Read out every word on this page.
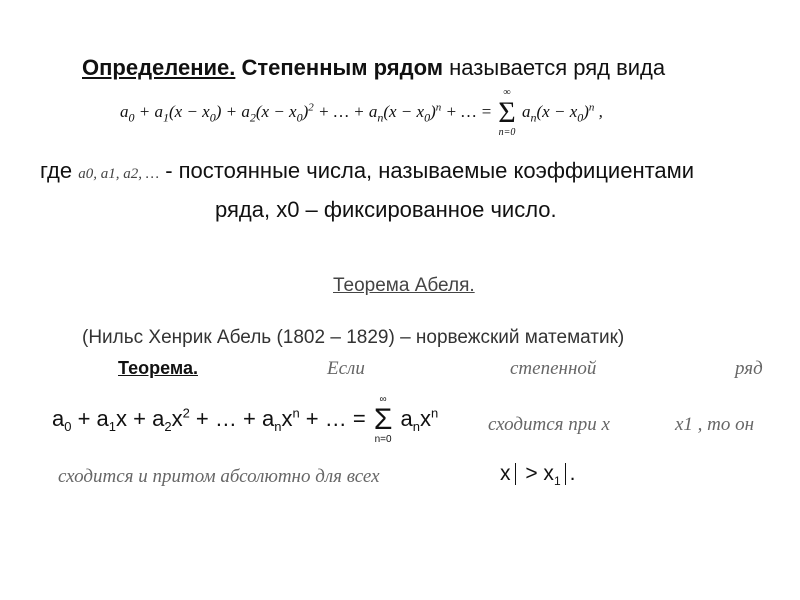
Определение. Степенным рядом называется ряд вида
$a_0 + a_1(x - x_0) + a_2(x - x_0)^2$ + … + $a_n(x - x_0)^n$ + … =
∞
Σ
n=0
$a_n(x - x_0)^n$ ,
где a0, a1, a2, … - постоянные числа, называемые коэффициентами
ряда, x0 – фиксированное число.
Теорема Абеля.
(Нильс Хенрик Абель (1802 – 1829) – норвежский математик)
Теорема.	Если	степенной	ряд
$a_0 + a_1x + a_2x^2$ + … + $a_nx^n$ + … =
∞
Σ
n=0
$a_nx^n$
сходится при x	x1 , то он
сходится и притом абсолютно для всех	$x > x_1$ .
